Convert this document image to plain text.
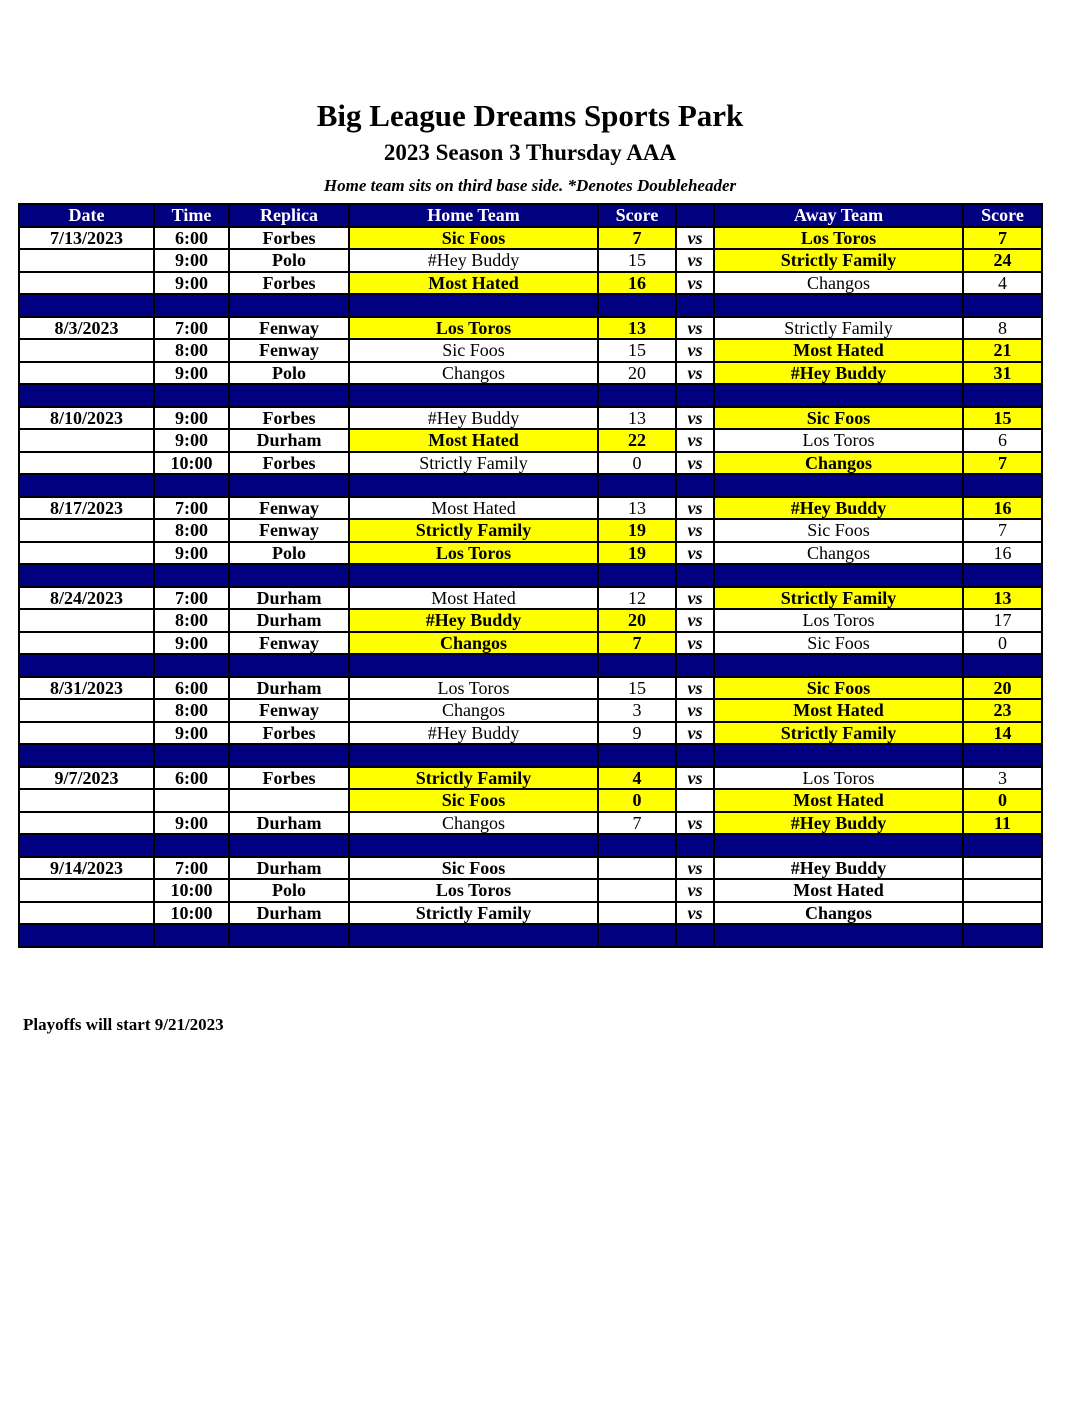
Big League Dreams Sports Park
2023 Season 3 Thursday AAA
Home team sits on third base side. *Denotes Doubleheader
Date	Time	Replica	Home Team	Score		Away Team	Score
7/13/2023	6:00	Forbes	Sic Foos	7	vs	Los Toros	7
	9:00	Polo	#Hey Buddy	15	vs	Strictly Family	24
	9:00	Forbes	Most Hated	16	vs	Changos	4

8/3/2023	7:00	Fenway	Los Toros	13	vs	Strictly Family	8
	8:00	Fenway	Sic Foos	15	vs	Most Hated	21
	9:00	Polo	Changos	20	vs	#Hey Buddy	31

8/10/2023	9:00	Forbes	#Hey Buddy	13	vs	Sic Foos	15
	9:00	Durham	Most Hated	22	vs	Los Toros	6
	10:00	Forbes	Strictly Family	0	vs	Changos	7

8/17/2023	7:00	Fenway	Most Hated	13	vs	#Hey Buddy	16
	8:00	Fenway	Strictly Family	19	vs	Sic Foos	7
	9:00	Polo	Los Toros	19	vs	Changos	16

8/24/2023	7:00	Durham	Most Hated	12	vs	Strictly Family	13
	8:00	Durham	#Hey Buddy	20	vs	Los Toros	17
	9:00	Fenway	Changos	7	vs	Sic Foos	0

8/31/2023	6:00	Durham	Los Toros	15	vs	Sic Foos	20
	8:00	Fenway	Changos	3	vs	Most Hated	23
	9:00	Forbes	#Hey Buddy	9	vs	Strictly Family	14

9/7/2023	6:00	Forbes	Strictly Family	4	vs	Los Toros	3
			Sic Foos	0		Most Hated	0
	9:00	Durham	Changos	7	vs	#Hey Buddy	11

9/14/2023	7:00	Durham	Sic Foos		vs	#Hey Buddy	
	10:00	Polo	Los Toros		vs	Most Hated	
	10:00	Durham	Strictly Family		vs	Changos	

Playoffs will start 9/21/2023
